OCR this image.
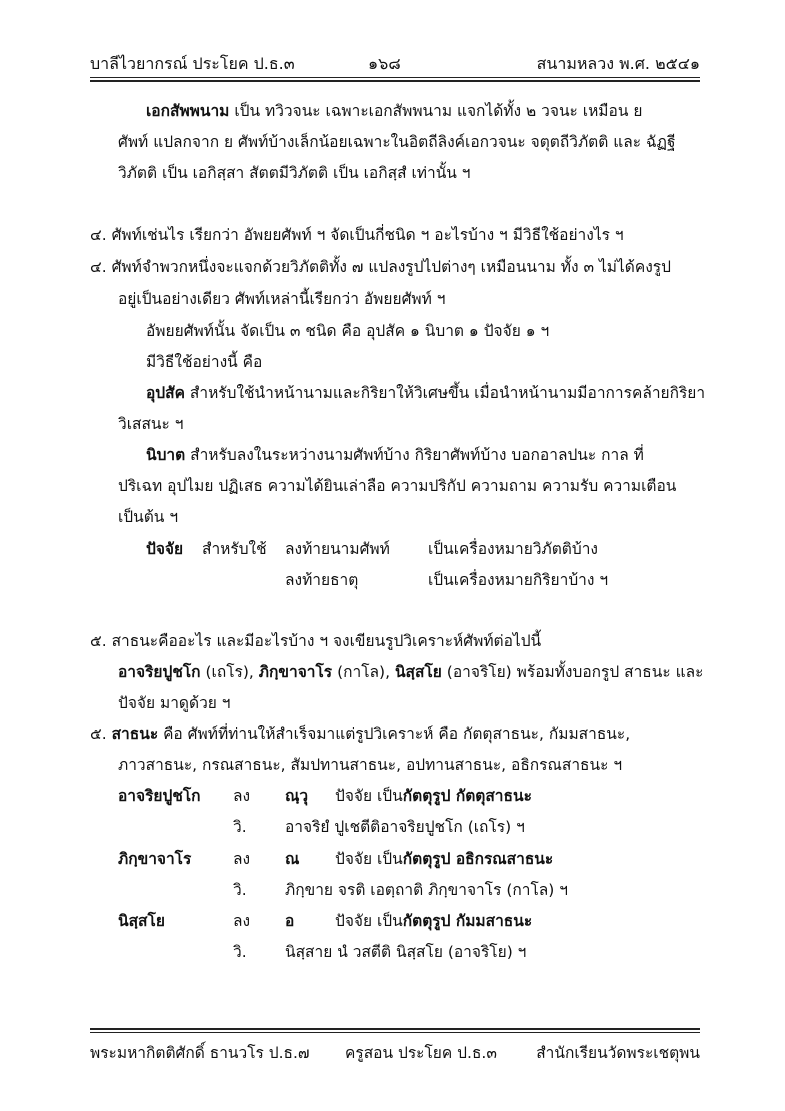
บาลีไวยากรณ์ ประโยค ป.ธ.๓	๑๖๘	สนามหลวง พ.ศ. ๒๕๔๑
เอกสัพพนาม เป็น ทวิวจนะ เฉพาะเอกสัพพนาม แจกได้ทั้ง ๒ วจนะ เหมือน ย
ศัพท์ แปลกจาก ย ศัพท์บ้างเล็กน้อยเฉพาะในอิตถีลิงค์เอกวจนะ จตุตถีวิภัตติ และ ฉัฏฐี
วิภัตติ เป็น เอกิสฺสา สัตตมีวิภัตติ เป็น เอกิสฺสํ เท่านั้น ฯ
๔. ศัพท์เช่นไร เรียกว่า อัพยยศัพท์ ฯ จัดเป็นกี่ชนิด ฯ อะไรบ้าง ฯ มีวิธีใช้อย่างไร ฯ
๔. ศัพท์จำพวกหนึ่งจะแจกด้วยวิภัตติทั้ง ๗ แปลงรูปไปต่างๆ เหมือนนาม ทั้ง ๓ ไม่ได้คงรูป
อยู่เป็นอย่างเดียว ศัพท์เหล่านี้เรียกว่า อัพยยศัพท์ ฯ
อัพยยศัพท์นั้น จัดเป็น ๓ ชนิด คือ อุปสัค ๑ นิบาต ๑ ปัจจัย ๑ ฯ
มีวิธีใช้อย่างนี้ คือ
อุปสัค สำหรับใช้นำหน้านามและกิริยาให้วิเศษขึ้น เมื่อนำหน้านามมีอาการคล้ายกิริยา
วิเสสนะ ฯ
นิบาต สำหรับลงในระหว่างนามศัพท์บ้าง กิริยาศัพท์บ้าง บอกอาลปนะ กาล ที่
ปริเฉท อุปไมย ปฏิเสธ ความได้ยินเล่าลือ ความปริกัป ความถาม ความรับ ความเตือน
เป็นต้น ฯ
ปัจจัย สำหรับใช้ ลงท้ายนามศัพท์ เป็นเครื่องหมายวิภัตติบ้าง
ลงท้ายธาตุ	เป็นเครื่องหมายกิริยาบ้าง ฯ
๕. สาธนะคืออะไร และมีอะไรบ้าง ฯ จงเขียนรูปวิเคราะห์ศัพท์ต่อไปนี้
อาจริยปูชโก (เถโร), ภิกฺขาจาโร (กาโล), นิสฺสโย (อาจริโย) พร้อมทั้งบอกรูป สาธนะ และ
ปัจจัย มาดูด้วย ฯ
๕. สาธนะ คือ ศัพท์ที่ท่านให้สำเร็จมาแต่รูปวิเคราะห์ คือ กัตตุสาธนะ, กัมมสาธนะ,
ภาวสาธนะ, กรณสาธนะ, สัมปทานสาธนะ, อปทานสาธนะ, อธิกรณสาธนะ ฯ
อาจริยปูชโก ลง ณฺวุ ปัจจัย เป็นกัตตุรูป กัตตุสาธนะ
วิ. อาจริยํ ปูเชตีติอาจริยปูชโก (เถโร) ฯ
ภิกฺขาจาโร	ลง ณ ปัจจัย เป็นกัตตุรูป อธิกรณสาธนะ
วิ. ภิกฺขาย จรติ เอตฺถาติ ภิกฺขาจาโร (กาโล) ฯ
นิสฺสโย	ลง อ	ปัจจัย เป็นกัตตุรูป กัมมสาธนะ
วิ. นิสฺสาย นํ วสตีติ นิสฺสโย (อาจริโย) ฯ
พระมหากิตติศักดิ์ ธานวโร ป.ธ.๗ ครูสอน ประโยค ป.ธ.๓	สำนักเรียนวัดพระเชตุพน
